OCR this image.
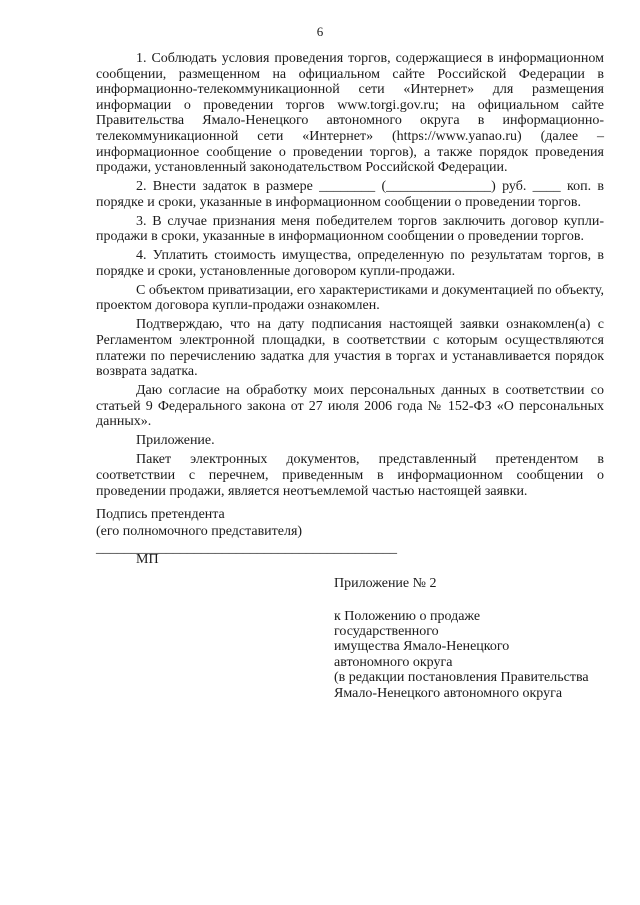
6

1. Соблюдать условия проведения торгов, содержащиеся в информационном сообщении, размещенном на официальном сайте Российской Федерации в информационно-телекоммуникационной сети «Интернет» для размещения информации о проведении торгов www.torgi.gov.ru; на официальном сайте Правительства Ямало-Ненецкого автономного округа в информационно-телекоммуникационной сети «Интернет» (https://www.yanao.ru) (далее – информационное сообщение о проведении торгов), а также порядок проведения продажи, установленный законодательством Российской Федерации.

2. Внести задаток в размере ________ (_______________) руб. ____ коп. в порядке и сроки, указанные в информационном сообщении о проведении торгов.

3. В случае признания меня победителем торгов заключить договор купли-продажи в сроки, указанные в информационном сообщении о проведении торгов.

4. Уплатить стоимость имущества, определенную по результатам торгов, в порядке и сроки, установленные договором купли-продажи.

С объектом приватизации, его характеристиками и документацией по объекту, проектом договора купли-продажи ознакомлен.

Подтверждаю, что на дату подписания настоящей заявки ознакомлен(а) с Регламентом электронной площадки, в соответствии с которым осуществляются платежи по перечислению задатка для участия в торгах и устанавливается порядок возврата задатка.

Даю согласие на обработку моих персональных данных в соответствии со статьей 9 Федерального закона от 27 июля 2006 года № 152-ФЗ «О персональных данных».

Приложение.

Пакет электронных документов, представленный претендентом в соответствии с перечнем, приведенным в информационном сообщении о проведении продажи, является неотъемлемой частью настоящей заявки.

Подпись претендента

(его полномочного представителя) ___________________________________________

МП

Приложение № 2

к Положению о продаже

государственного

имущества Ямало-Ненецкого

автономного округа

(в редакции постановления Правительства

Ямало-Ненецкого автономного округа
